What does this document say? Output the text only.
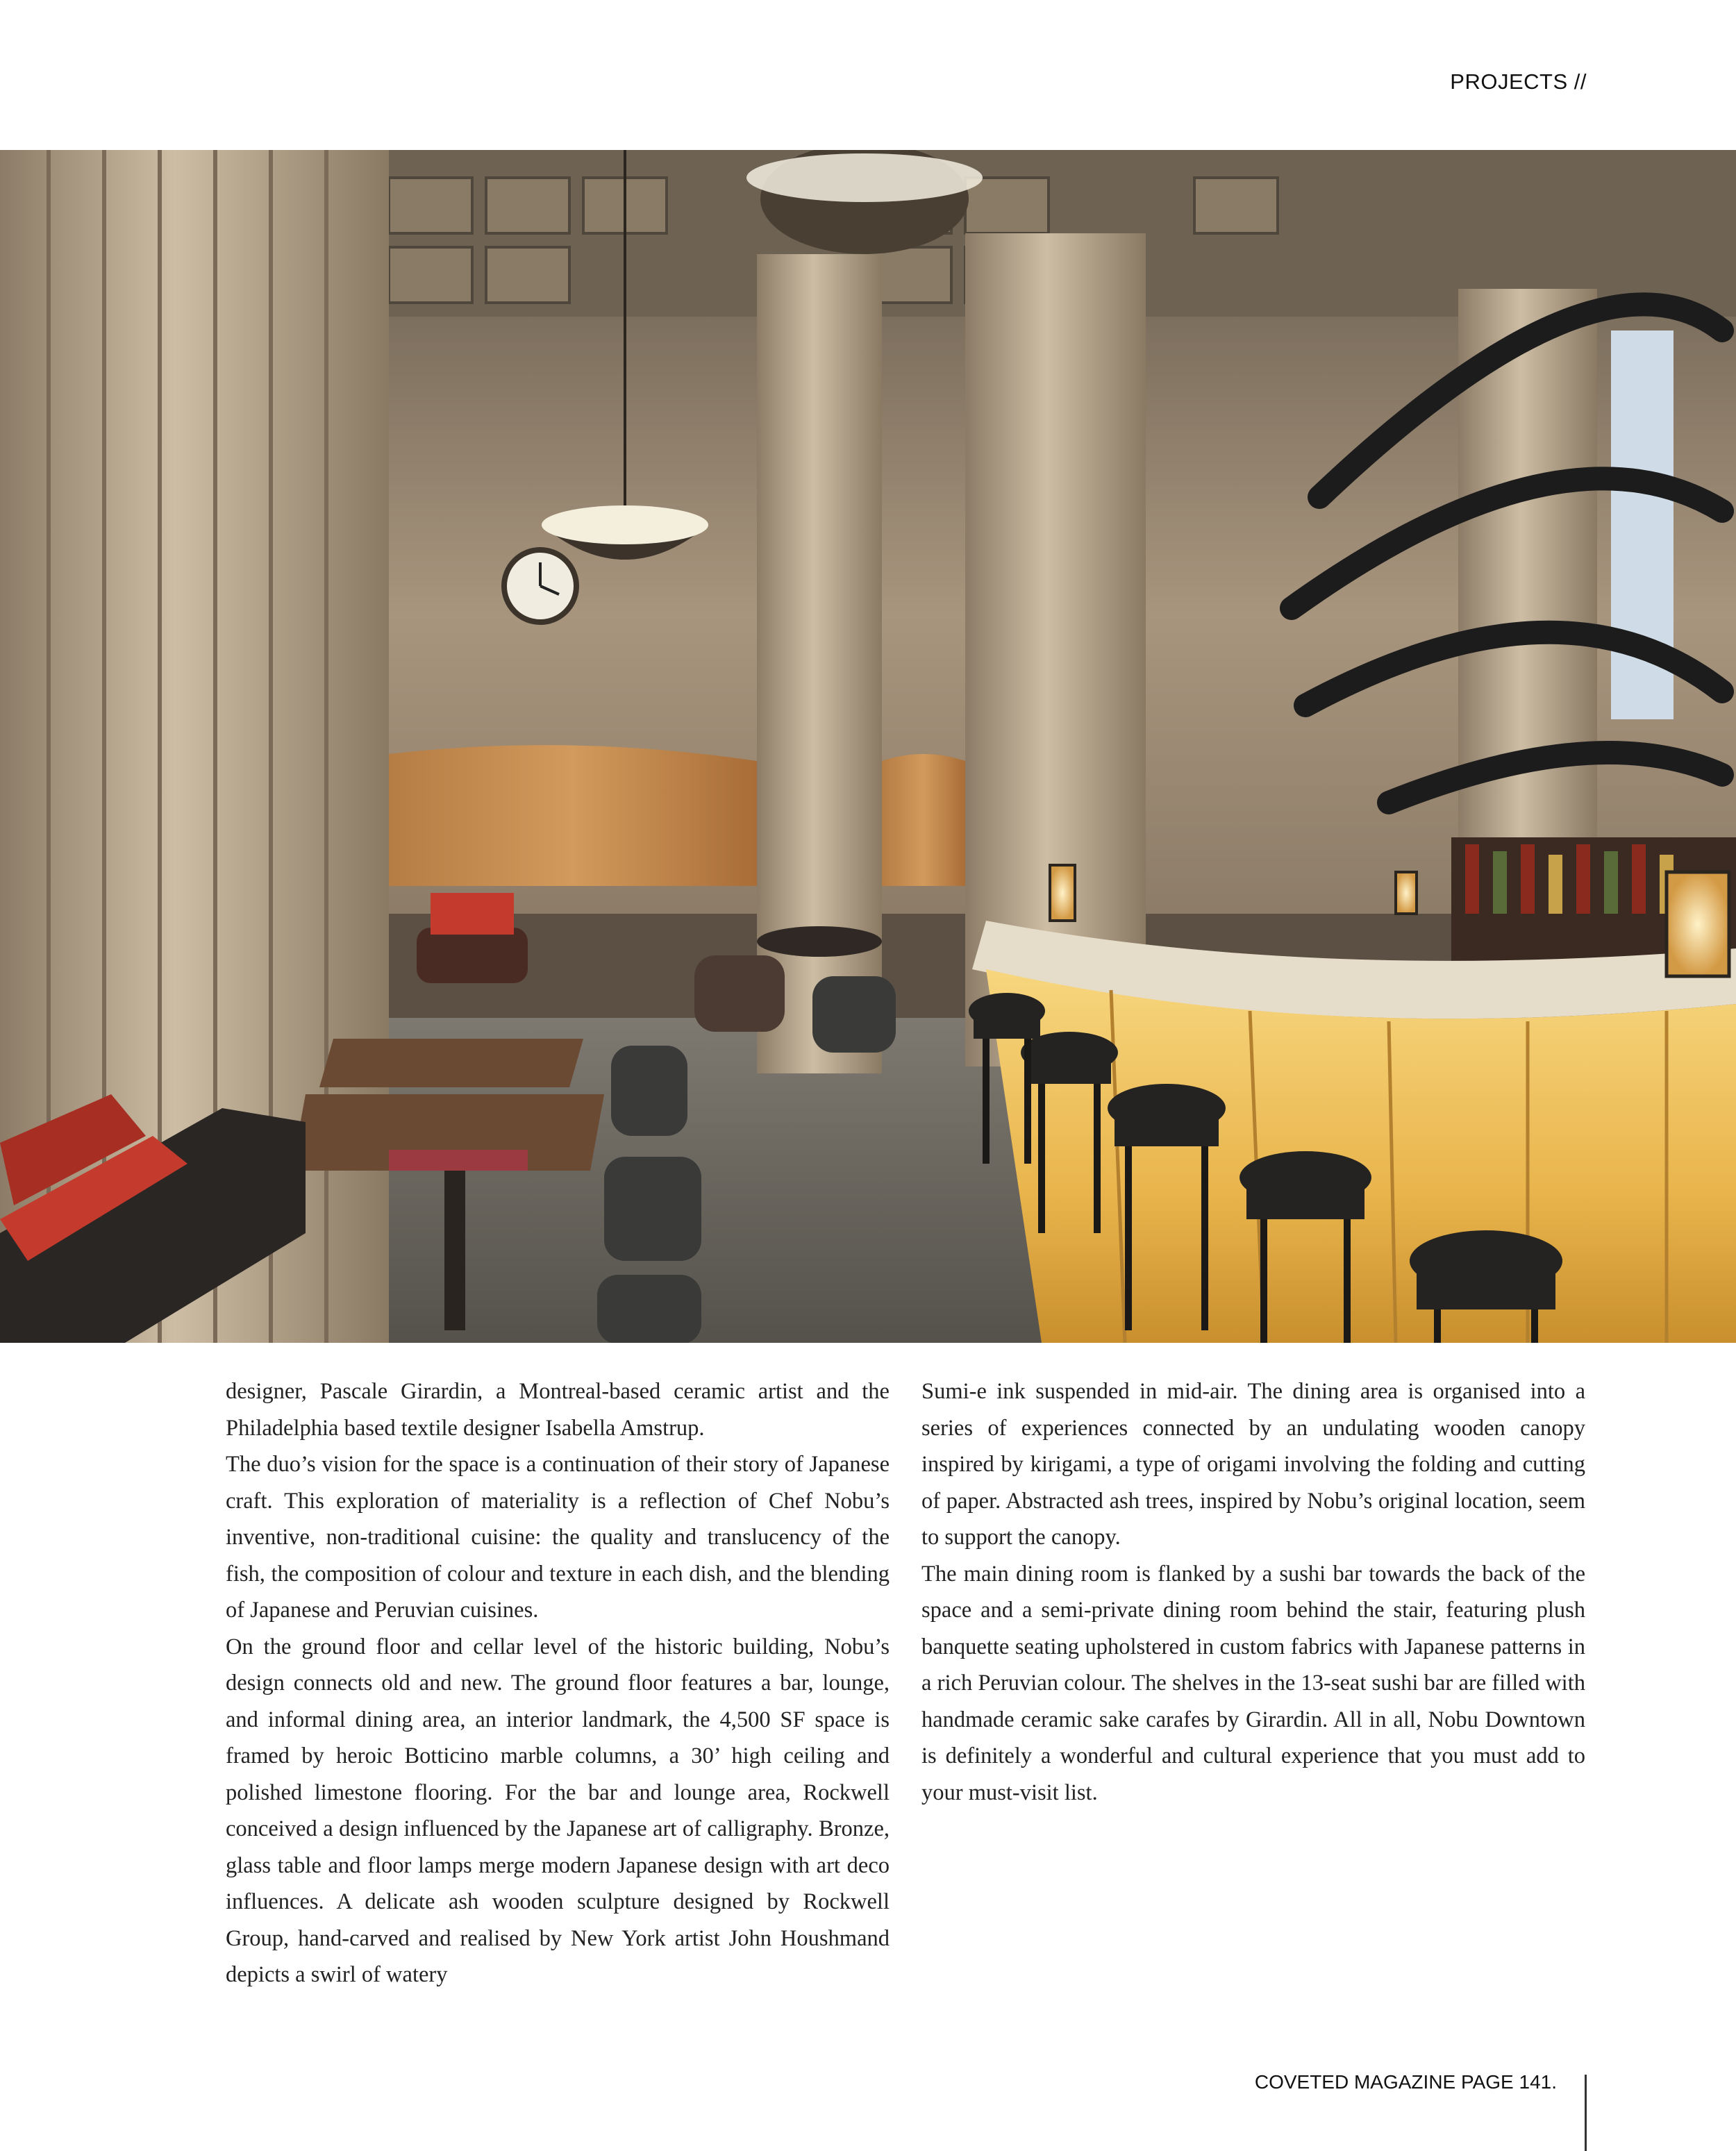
PROJECTS //

designer, Pascale Girardin, a Montreal-based ceramic artist and the Philadelphia based textile designer Isabella Amstrup.

The duo’s vision for the space is a continuation of their story of Japanese craft. This exploration of materiality is a reflection of Chef Nobu’s inventive, non-traditional cuisine: the quality and translucency of the fish, the composition of colour and texture in each dish, and the blending of Japanese and Peruvian cuisines.

On the ground floor and cellar level of the historic building, Nobu’s design connects old and new. The ground floor features a bar, lounge, and informal dining area, an interior landmark, the 4,500 SF space is framed by heroic Botticino marble columns, a 30’ high ceiling and polished limestone flooring. For the bar and lounge area, Rockwell conceived a design influenced by the Japanese art of calligraphy. Bronze, glass table and floor lamps merge modern Japanese design with art deco influences. A delicate ash wooden sculpture designed by Rockwell Group, hand-carved and realised by New York artist John Houshmand depicts a swirl of watery

Sumi-e ink suspended in mid-air. The dining area is organised into a series of experiences connected by an undulating wooden canopy inspired by kirigami, a type of origami involving the folding and cutting of paper. Abstracted ash trees, inspired by Nobu’s original location, seem to support the canopy.

The main dining room is flanked by a sushi bar towards the back of the space and a semi-private dining room behind the stair, featuring plush banquette seating upholstered in custom fabrics with Japanese patterns in a rich Peruvian colour. The shelves in the 13-seat sushi bar are filled with handmade ceramic sake carafes by Girardin. All in all, Nobu Downtown is definitely a wonderful and cultural experience that you must add to your must-visit list.

COVETED MAGAZINE PAGE 141.
